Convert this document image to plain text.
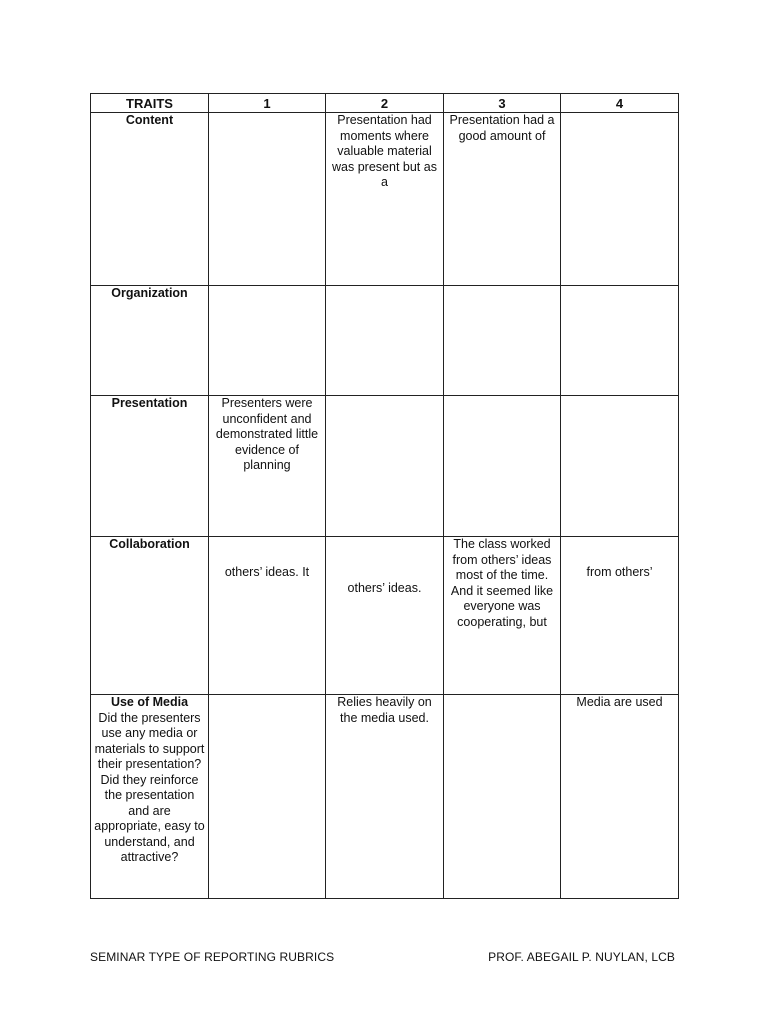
TRAITS	1	2	3	4

Content		Presentation had moments where valuable material was present but as a	Presentation had a good amount of	

Organization				

Presentation	Presenters were unconfident and demonstrated little evidence of planning			

Collaboration	others’ ideas. It	others’ ideas.	The class worked from others’ ideas most of the time. And it seemed like everyone was cooperating, but	from others’

Use of Media
Did the presenters use any media or materials to support their presentation? Did they reinforce the presentation and are appropriate, easy to understand, and attractive?		Relies heavily on the media used.		Media are used
SEMINAR TYPE OF REPORTING RUBRICS	PROF. ABEGAIL P. NUYLAN, LCB
